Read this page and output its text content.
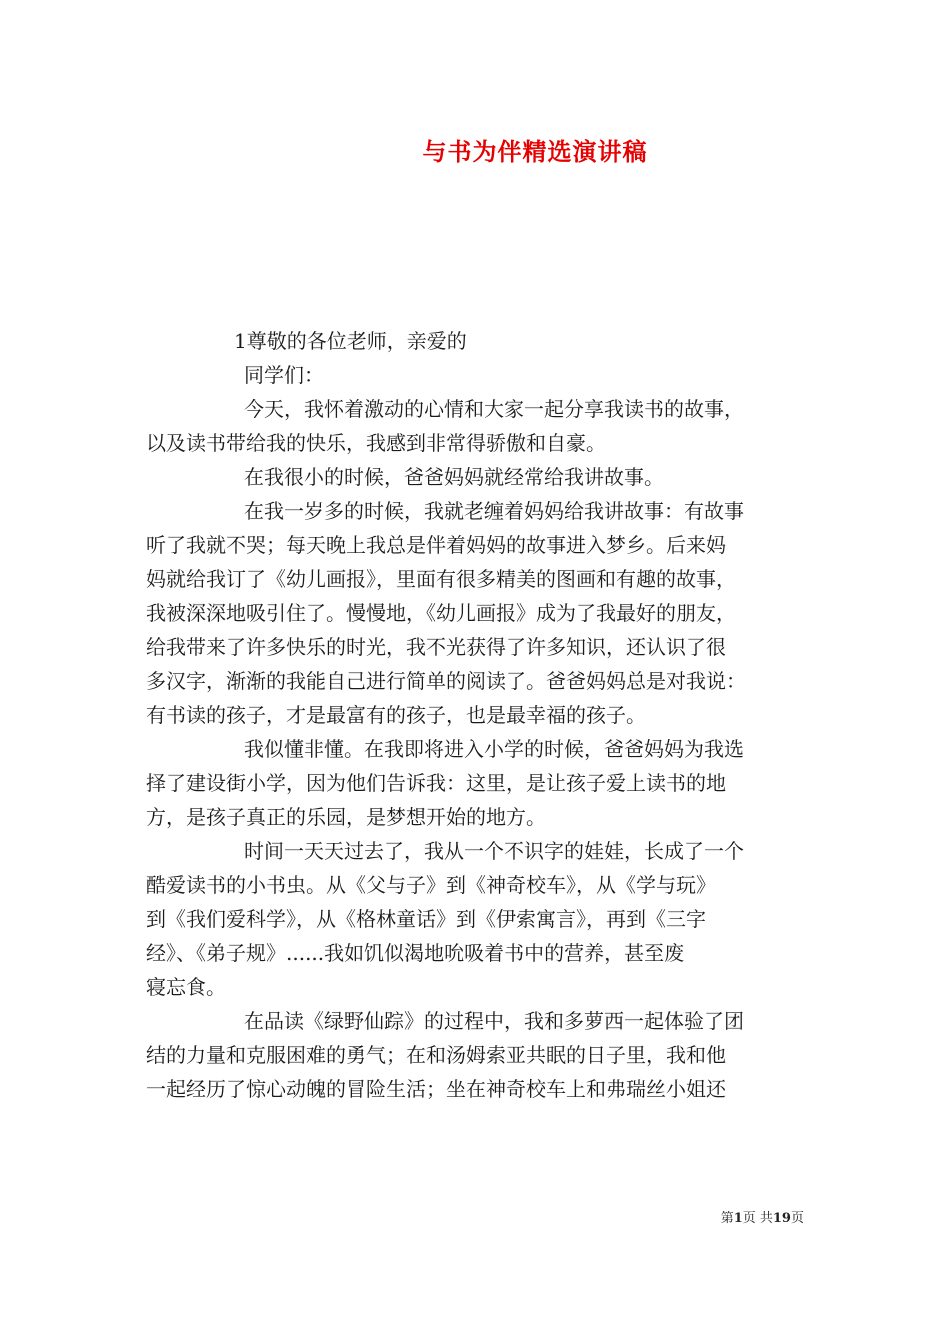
与书为伴精选演讲稿
1尊敬的各位老师，亲爱的
同学们：
今天，我怀着激动的心情和大家一起分享我读书的故事，
以及读书带给我的快乐，我感到非常得骄傲和自豪。
在我很小的时候，爸爸妈妈就经常给我讲故事。
在我一岁多的时候，我就老缠着妈妈给我讲故事：有故事
听了我就不哭；每天晚上我总是伴着妈妈的故事进入梦乡。后来妈
妈就给我订了《幼儿画报》，里面有很多精美的图画和有趣的故事，
我被深深地吸引住了。慢慢地，《幼儿画报》成为了我最好的朋友，
给我带来了许多快乐的时光，我不光获得了许多知识，还认识了很
多汉字，渐渐的我能自己进行简单的阅读了。爸爸妈妈总是对我说：
有书读的孩子，才是最富有的孩子，也是最幸福的孩子。
我似懂非懂。在我即将进入小学的时候，爸爸妈妈为我选
择了建设街小学，因为他们告诉我：这里，是让孩子爱上读书的地
方，是孩子真正的乐园，是梦想开始的地方。
时间一天天过去了，我从一个不识字的娃娃，长成了一个
酷爱读书的小书虫。从《父与子》到《神奇校车》，从《学与玩》
到《我们爱科学》，从《格林童话》到《伊索寓言》，再到《三字
经》、《弟子规》......我如饥似渴地吮吸着书中的营养，甚至废
寝忘食。
在品读《绿野仙踪》的过程中，我和多萝西一起体验了团
结的力量和克服困难的勇气；在和汤姆索亚共眠的日子里，我和他
一起经历了惊心动魄的冒险生活；坐在神奇校车上和弗瑞丝小姐还
第1页 共19页
